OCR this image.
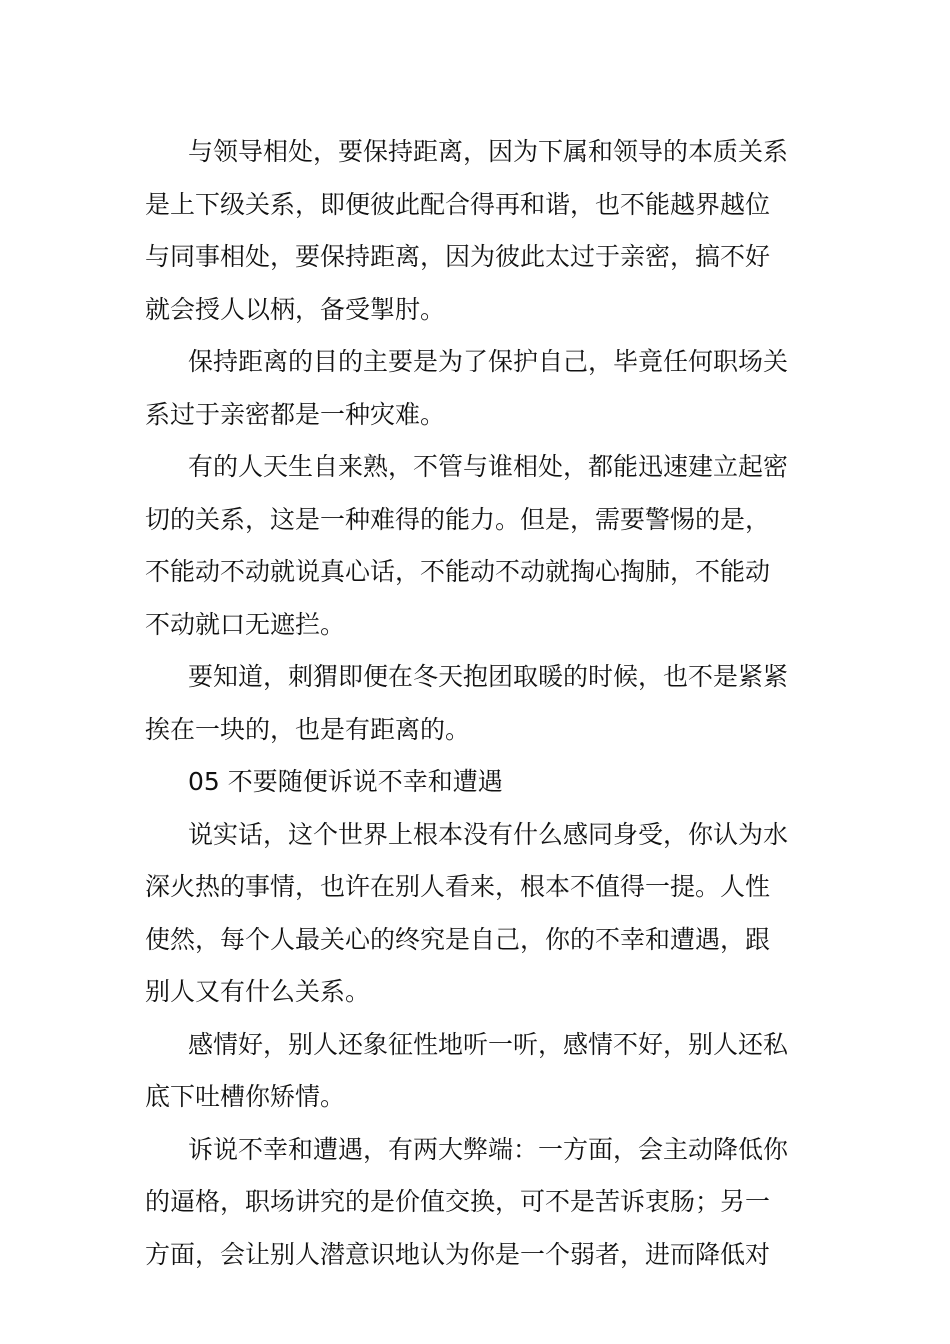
与领导相处，要保持距离，因为下属和领导的本质关系
是上下级关系，即便彼此配合得再和谐，也不能越界越位
与同事相处，要保持距离，因为彼此太过于亲密，搞不好
就会授人以柄，备受掣肘。
保持距离的目的主要是为了保护自己，毕竟任何职场关
系过于亲密都是一种灾难。
有的人天生自来熟，不管与谁相处，都能迅速建立起密
切的关系，这是一种难得的能力。但是，需要警惕的是，
不能动不动就说真心话，不能动不动就掏心掏肺，不能动
不动就口无遮拦。
要知道，刺猬即便在冬天抱团取暖的时候，也不是紧紧
挨在一块的，也是有距离的。
05 不要随便诉说不幸和遭遇
说实话，这个世界上根本没有什么感同身受，你认为水
深火热的事情，也许在别人看来，根本不值得一提。人性
使然，每个人最关心的终究是自己，你的不幸和遭遇，跟
别人又有什么关系。
感情好，别人还象征性地听一听，感情不好，别人还私
底下吐槽你矫情。
诉说不幸和遭遇，有两大弊端：一方面，会主动降低你
的逼格，职场讲究的是价值交换，可不是苦诉衷肠；另一
方面，会让别人潜意识地认为你是一个弱者，进而降低对
